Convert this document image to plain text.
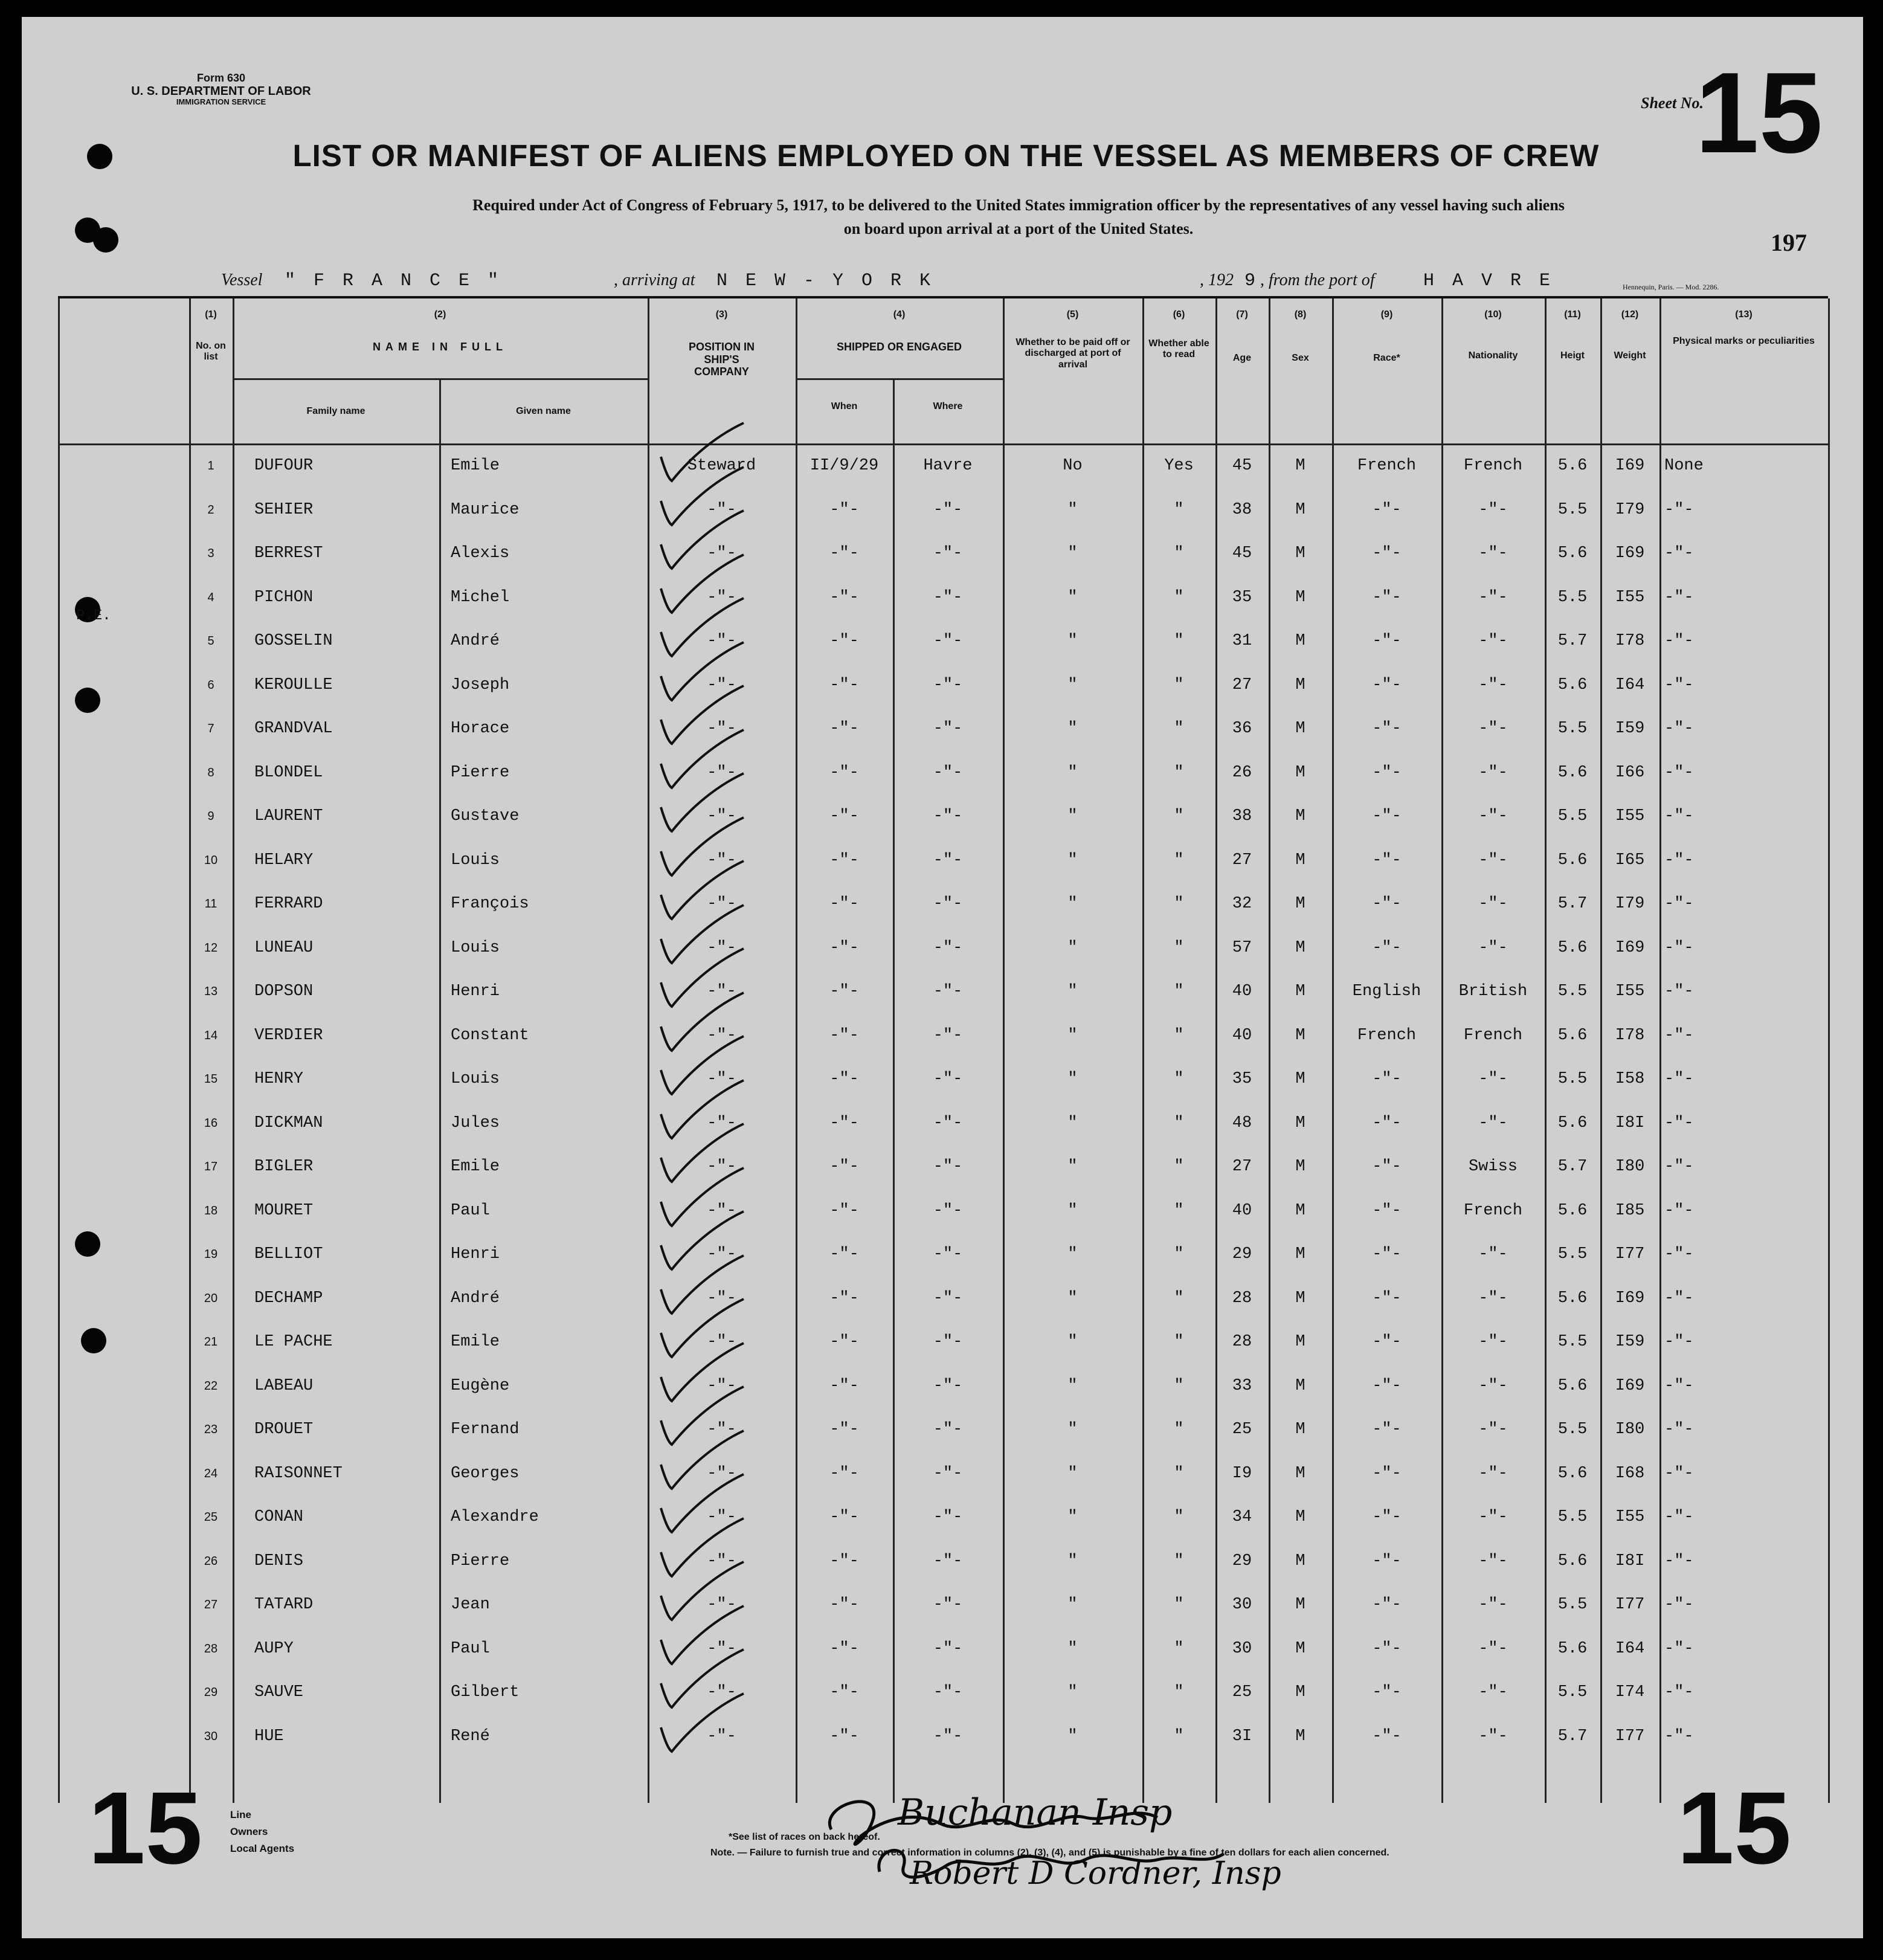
Form 630
U. S. DEPARTMENT OF LABOR
IMMIGRATION SERVICE
LIST OR MANIFEST OF ALIENS EMPLOYED ON THE VESSEL AS MEMBERS OF CREW
Required under Act of Congress of February 5, 1917, to be delivered to the United States immigration officer by the representatives of any vessel having such aliens
on board upon arrival at a port of the United States.
Sheet No.
15
197
Vessel " F R A N C E "	, arriving at N E W - Y O R K	, 192 9 , from the port of	H A V R E	Hennequin, Paris. — Mod. 2286.
P.E.
(1)
No. on list
(2)
NAME IN FULL
Family name	Given name
(3)
POSITION IN SHIP'S COMPANY
(4)
SHIPPED OR ENGAGED
When	Where
(5)
Whether to be paid off or discharged at port of arrival
(6)
Whether able to read
(7)
Age
(8)
Sex
(9)
Race*
(10)
Nationality
(11)
Heigt
(12)
Weight
(13)
Physical marks or peculiarities
1	DUFOUR	Emile	Steward	II/9/29	Havre	No	Yes	45	M	French	French	5.6	I69	None
2	SEHIER	Maurice	-"-	-"-	-"-	"	"	38	M	-"-	-"-	5.5	I79	-"-
3	BERREST	Alexis	-"-	-"-	-"-	"	"	45	M	-"-	-"-	5.6	I69	-"-
4	PICHON	Michel	-"-	-"-	-"-	"	"	35	M	-"-	-"-	5.5	I55	-"-
5	GOSSELIN	André	-"-	-"-	-"-	"	"	31	M	-"-	-"-	5.7	I78	-"-
6	KEROULLE	Joseph	-"-	-"-	-"-	"	"	27	M	-"-	-"-	5.6	I64	-"-
7	GRANDVAL	Horace	-"-	-"-	-"-	"	"	36	M	-"-	-"-	5.5	I59	-"-
8	BLONDEL	Pierre	-"-	-"-	-"-	"	"	26	M	-"-	-"-	5.6	I66	-"-
9	LAURENT	Gustave	-"-	-"-	-"-	"	"	38	M	-"-	-"-	5.5	I55	-"-
10	HELARY	Louis	-"-	-"-	-"-	"	"	27	M	-"-	-"-	5.6	I65	-"-
11	FERRARD	François	-"-	-"-	-"-	"	"	32	M	-"-	-"-	5.7	I79	-"-
12	LUNEAU	Louis	-"-	-"-	-"-	"	"	57	M	-"-	-"-	5.6	I69	-"-
13	DOPSON	Henri	-"-	-"-	-"-	"	"	40	M	English	British	5.5	I55	-"-
14	VERDIER	Constant	-"-	-"-	-"-	"	"	40	M	French	French	5.6	I78	-"-
15	HENRY	Louis	-"-	-"-	-"-	"	"	35	M	-"-	-"-	5.5	I58	-"-
16	DICKMAN	Jules	-"-	-"-	-"-	"	"	48	M	-"-	-"-	5.6	I8I	-"-
17	BIGLER	Emile	-"-	-"-	-"-	"	"	27	M	-"-	Swiss	5.7	I80	-"-
18	MOURET	Paul	-"-	-"-	-"-	"	"	40	M	-"-	French	5.6	I85	-"-
19	BELLIOT	Henri	-"-	-"-	-"-	"	"	29	M	-"-	-"-	5.5	I77	-"-
20	DECHAMP	André	-"-	-"-	-"-	"	"	28	M	-"-	-"-	5.6	I69	-"-
21	LE PACHE	Emile	-"-	-"-	-"-	"	"	28	M	-"-	-"-	5.5	I59	-"-
22	LABEAU	Eugène	-"-	-"-	-"-	"	"	33	M	-"-	-"-	5.6	I69	-"-
23	DROUET	Fernand	-"-	-"-	-"-	"	"	25	M	-"-	-"-	5.5	I80	-"-
24	RAISONNET	Georges	-"-	-"-	-"-	"	"	I9	M	-"-	-"-	5.6	I68	-"-
25	CONAN	Alexandre	-"-	-"-	-"-	"	"	34	M	-"-	-"-	5.5	I55	-"-
26	DENIS	Pierre	-"-	-"-	-"-	"	"	29	M	-"-	-"-	5.6	I8I	-"-
27	TATARD	Jean	-"-	-"-	-"-	"	"	30	M	-"-	-"-	5.5	I77	-"-
28	AUPY	Paul	-"-	-"-	-"-	"	"	30	M	-"-	-"-	5.6	I64	-"-
29	SAUVE	Gilbert	-"-	-"-	-"-	"	"	25	M	-"-	-"-	5.5	I74	-"-
30	HUE	René	-"-	-"-	-"-	"	"	3I	M	-"-	-"-	5.7	I77	-"-
15	15
Line
Owners
Local Agents
*See list of races on back hereof.
Note. — Failure to furnish true and correct information in columns (2), (3), (4), and (5) is punishable by a fine of ten dollars for each alien concerned.
Buchanan Insp
Robert D Cordner, Insp
